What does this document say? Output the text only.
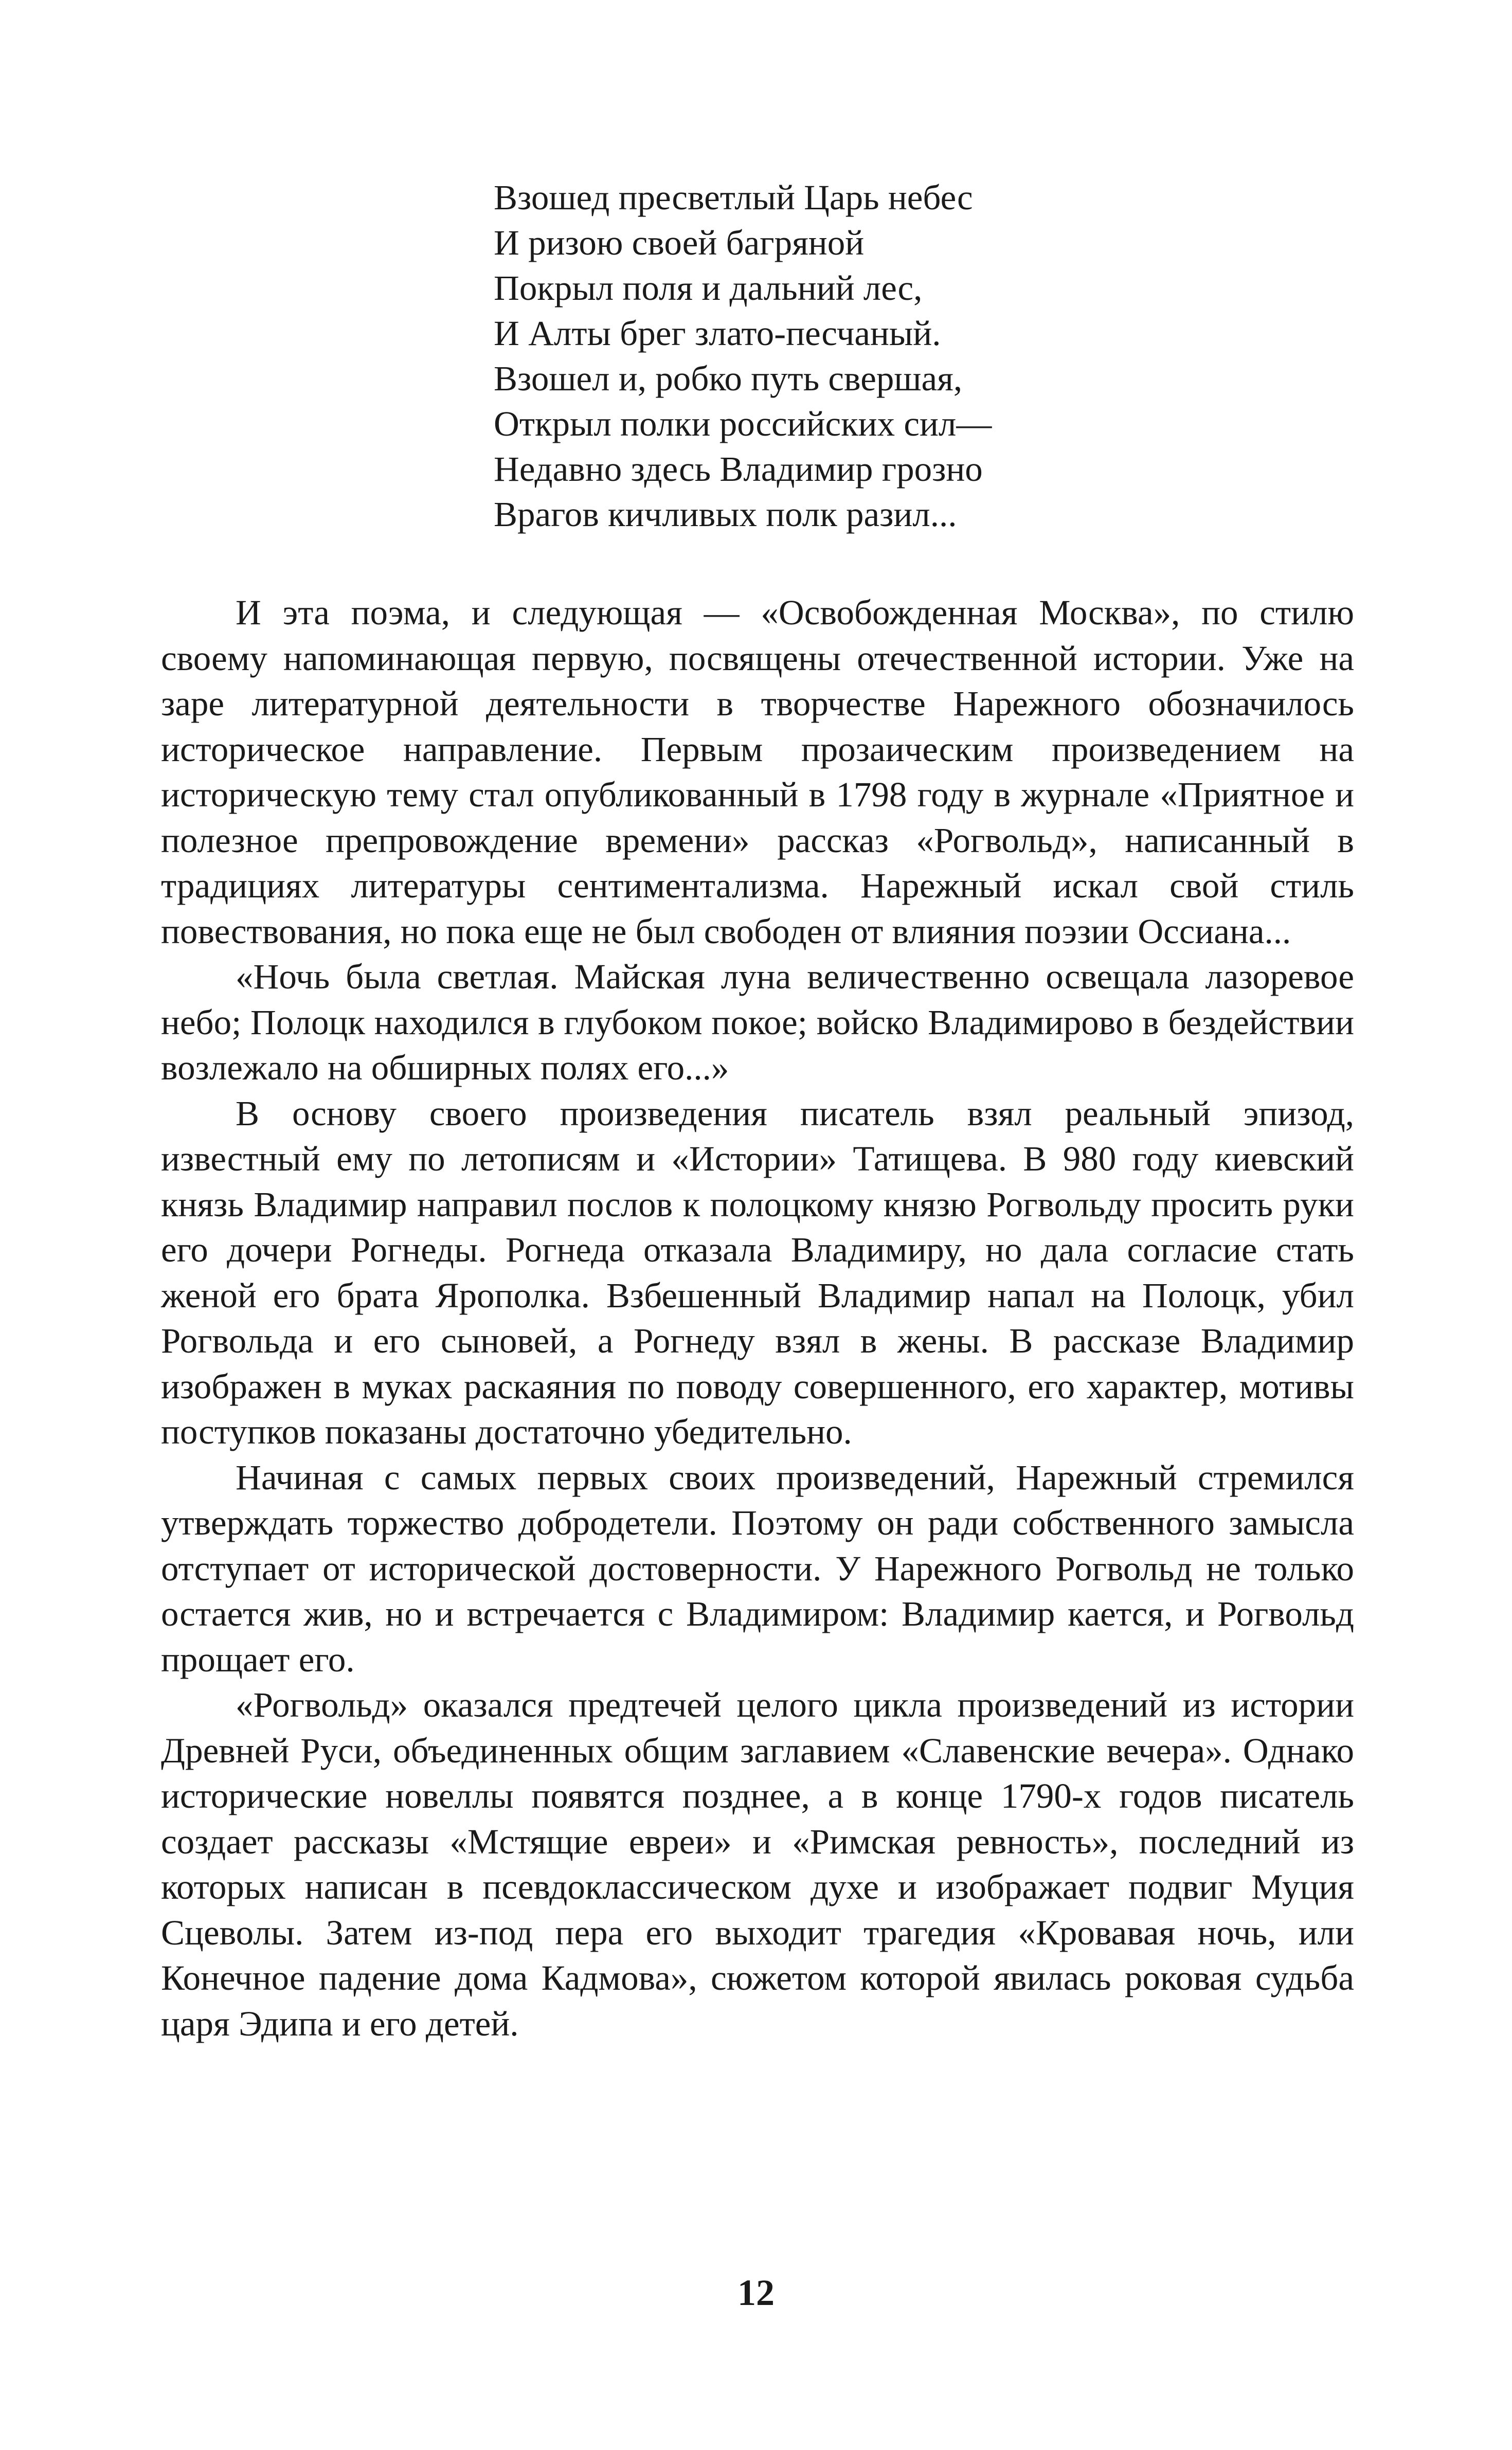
Взошед пресветлый Царь небес
И ризою своей багряной
Покрыл поля и дальний лес,
И Алты брег злато-песчаный.
Взошел и, робко путь свершая,
Открыл полки российских сил—
Недавно здесь Владимир грозно
Врагов кичливых полк разил...

И эта поэма, и следующая — «Освобожденная Москва», по стилю своему напоминающая первую, посвящены отечественной истории. Уже на заре литературной деятельности в творчестве Нарежного обозначилось историческое направление. Первым прозаическим произведением на историческую тему стал опубликованный в 1798 году в журнале «Приятное и полезное препровождение времени» рассказ «Рогвольд», написанный в традициях литературы сентиментализма. Нарежный искал свой стиль повествования, но пока еще не был свободен от влияния поэзии Оссиана...

«Ночь была светлая. Майская луна величественно освещала лазоревое небо; Полоцк находился в глубоком покое; войско Владимирово в бездействии возлежало на обширных полях его...»

В основу своего произведения писатель взял реальный эпизод, известный ему по летописям и «Истории» Татищева. В 980 году киевский князь Владимир направил послов к полоцкому князю Рогвольду просить руки его дочери Рогнеды. Рогнеда отказала Владимиру, но дала согласие стать женой его брата Ярополка. Взбешенный Владимир напал на Полоцк, убил Рогвольда и его сыновей, а Рогнеду взял в жены. В рассказе Владимир изображен в муках раскаяния по поводу совершенного, его характер, мотивы поступков показаны достаточно убедительно.

Начиная с самых первых своих произведений, Нарежный стремился утверждать торжество добродетели. Поэтому он ради собственного замысла отступает от исторической достоверности. У Нарежного Рогвольд не только остается жив, но и встречается с Владимиром: Владимир кается, и Рогвольд прощает его.

«Рогвольд» оказался предтечей целого цикла произведений из истории Древней Руси, объединенных общим заглавием «Славенские вечера». Однако исторические новеллы появятся позднее, а в конце 1790-х годов писатель создает рассказы «Мстящие евреи» и «Римская ревность», последний из которых написан в псевдоклассическом духе и изображает подвиг Муция Сцеволы. Затем из-под пера его выходит трагедия «Кровавая ночь, или Конечное падение дома Кадмова», сюжетом которой явилась роковая судьба царя Эдипа и его детей.

12
